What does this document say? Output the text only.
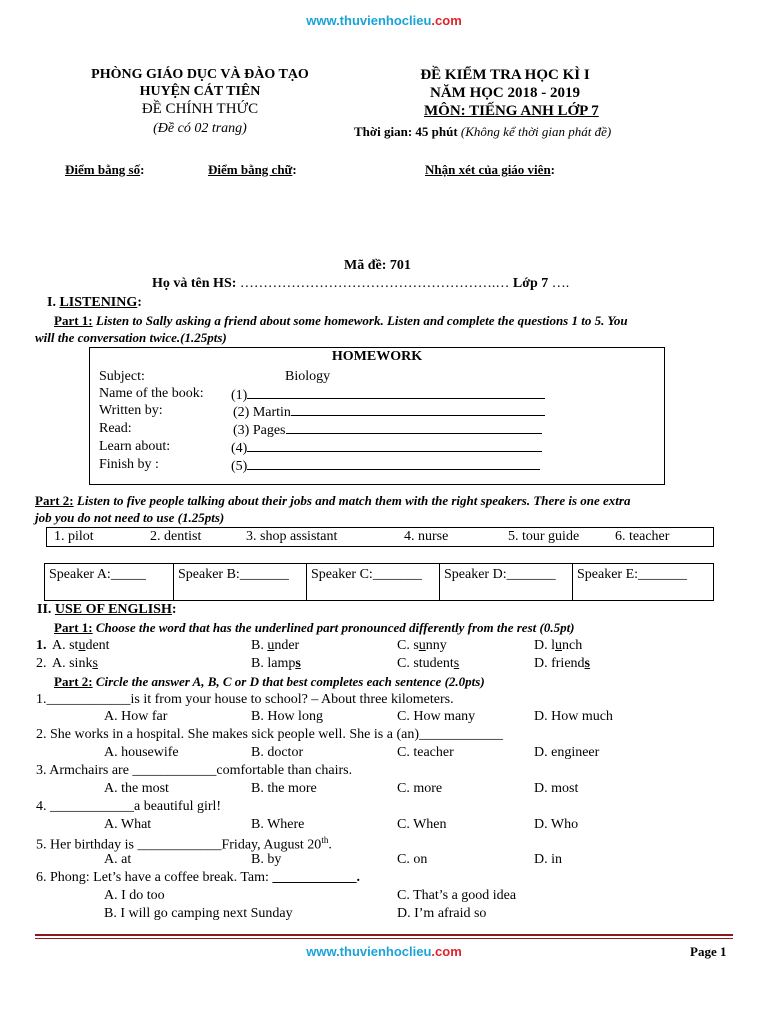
www.thuvienhoclieu.com
PHÒNG GIÁO DỤC VÀ ĐÀO TẠO
HUYỆN CÁT TIÊN
ĐỀ CHÍNH THỨC
(Đề có 02 trang)
ĐỀ KIỂM TRA HỌC KÌ I
NĂM HỌC 2018 - 2019
MÔN: TIẾNG ANH LỚP 7
Thời gian: 45 phút (Không kể thời gian phát đề)
Điểm bằng số:	Điểm bằng chữ:	Nhận xét của giáo viên:
Mã đề: 701
Họ và tên HS: ……………………………………………….… Lớp 7 ….
I. LISTENING:
Part 1: Listen to Sally asking a friend about some homework. Listen and complete the questions 1 to 5. You
will the conversation twice.(1.25pts)
HOMEWORK
Subject:	Biology
Name of the book: (1)
Written by:	(2) Martin
Read:	(3) Pages
Learn about:	(4)
Finish by :	(5)
Part 2: Listen to five people talking about their jobs and match them with the right speakers. There is one extra
job you do not need to use (1.25pts)
1. pilot	2. dentist	3. shop assistant	4. nurse	5. tour guide	6. teacher
Speaker A:_____	Speaker B:_______	Speaker C:_______	Speaker D:_______	Speaker E:_______
II. USE OF ENGLISH:
Part 1: Choose the word that has the underlined part pronounced differently from the rest (0.5pt)
1. A. student	B. under	C. sunny	D. lunch
2. A. sinks	B. lamps	C. students	D. friends
Part 2: Circle the answer A, B, C or D that best completes each sentence (2.0pts)
1.____________is it from your house to school? – About three kilometers.
A. How far	B. How long	C. How many	D. How much
2. She works in a hospital. She makes sick people well. She is a (an)____________
A. housewife	B. doctor	C. teacher	D. engineer
3. Armchairs are ____________comfortable than chairs.
A. the most	B. the more	C. more	D. most
4. ____________a beautiful girl!
A. What	B. Where	C. When	D. Who
5. Her birthday is ____________Friday, August 20th.
A. at	B. by	C. on	D. in
6. Phong: Let’s have a coffee break. Tam: ____________.
A. I do too	C. That’s a good idea
B. I will go camping next Sunday	D. I’m afraid so
www.thuvienhoclieu.com	Page 1
